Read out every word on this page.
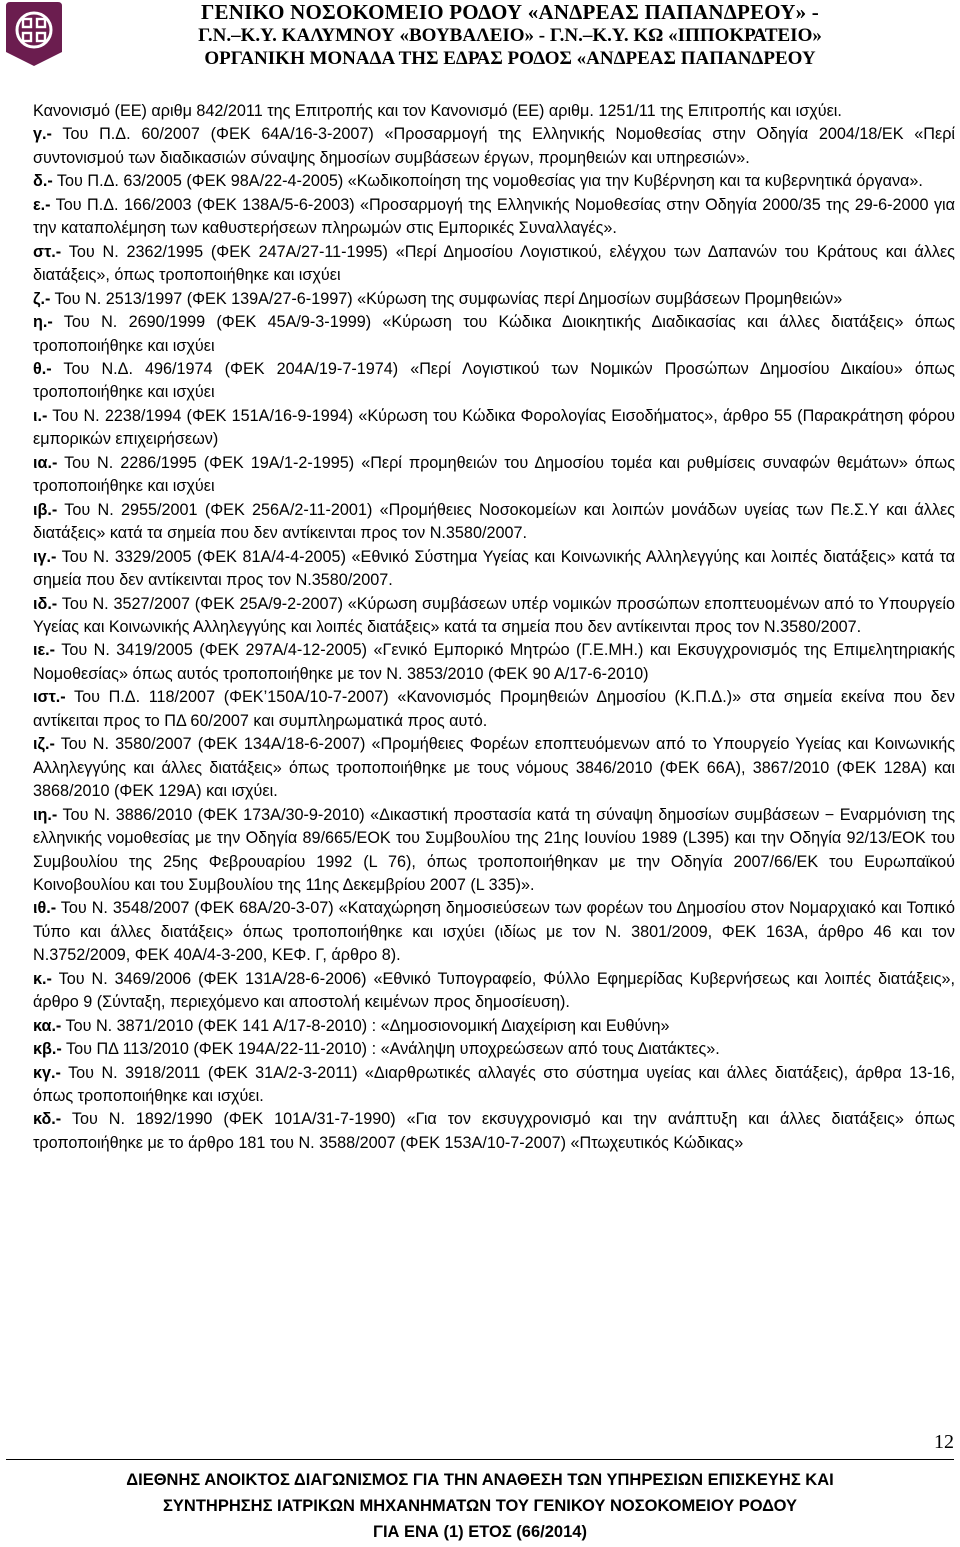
ΓΕΝΙΚΟ ΝΟΣΟΚΟΜΕΙΟ ΡΟΔΟΥ «ΑΝΔΡΕΑΣ ΠΑΠΑΝΔΡΕΟΥ» -
Γ.Ν.–Κ.Υ. ΚΑΛΥΜΝΟΥ «ΒΟΥΒΑΛΕΙΟ» - Γ.Ν.–Κ.Υ. ΚΩ «ΙΠΠΟΚΡΑΤΕΙΟ»
ΟΡΓΑΝΙΚΗ ΜΟΝΑΔΑ ΤΗΣ ΕΔΡΑΣ ΡΟΔΟΣ «ΑΝΔΡΕΑΣ ΠΑΠΑΝΔΡΕΟΥ

Κανονισμό (ΕΕ) αριθμ 842/2011 της Επιτροπής και τον Κανονισμό (ΕΕ) αριθμ. 1251/11 της Επιτροπής και ισχύει.

γ.- Του Π.Δ. 60/2007 (ΦΕΚ 64Α/16-3-2007) «Προσαρμογή της Ελληνικής Νομοθεσίας στην Οδηγία 2004/18/ΕΚ «Περί συντονισμού των διαδικασιών σύναψης δημοσίων συμβάσεων έργων, προμηθειών και υπηρεσιών».

δ.- Του Π.Δ. 63/2005 (ΦΕΚ 98Α/22-4-2005) «Κωδικοποίηση της νομοθεσίας για την Κυβέρνηση και τα κυβερνητικά όργανα».

ε.- Του Π.Δ. 166/2003 (ΦΕΚ 138Α/5-6-2003) «Προσαρμογή της Ελληνικής Νομοθεσίας στην Οδηγία 2000/35 της 29-6-2000 για την καταπολέμηση των καθυστερήσεων πληρωμών στις Εμπορικές Συναλλαγές».

στ.- Του Ν. 2362/1995 (ΦΕΚ 247Α/27-11-1995) «Περί Δημοσίου Λογιστικού, ελέγχου των Δαπανών του Κράτους και άλλες διατάξεις», όπως τροποποιήθηκε και ισχύει

ζ.- Του Ν. 2513/1997 (ΦΕΚ 139Α/27-6-1997) «Κύρωση της συμφωνίας περί Δημοσίων συμβάσεων Προμηθειών»

η.- Του Ν. 2690/1999 (ΦΕΚ 45Α/9-3-1999) «Κύρωση του Κώδικα Διοικητικής Διαδικασίας και άλλες διατάξεις» όπως τροποποιήθηκε και ισχύει

θ.- Του Ν.Δ. 496/1974 (ΦΕΚ 204Α/19-7-1974) «Περί Λογιστικού των Νομικών Προσώπων Δημοσίου Δικαίου» όπως τροποποιήθηκε και ισχύει

ι.- Του Ν. 2238/1994 (ΦΕΚ 151Α/16-9-1994) «Κύρωση του Κώδικα Φορολογίας Εισοδήματος», άρθρο 55 (Παρακράτηση φόρου εμπορικών επιχειρήσεων)

ια.- Του Ν. 2286/1995 (ΦΕΚ 19Α/1-2-1995) «Περί προμηθειών του Δημοσίου τομέα και ρυθμίσεις συναφών θεμάτων» όπως τροποποιήθηκε και ισχύει

ιβ.- Του Ν. 2955/2001 (ΦΕΚ 256Α/2-11-2001) «Προμήθειες Νοσοκομείων και λοιπών μονάδων υγείας των Πε.Σ.Υ και άλλες διατάξεις» κατά τα σημεία που δεν αντίκεινται προς τον Ν.3580/2007.

ιγ.- Του Ν. 3329/2005 (ΦΕΚ 81Α/4-4-2005) «Εθνικό Σύστημα Υγείας και Κοινωνικής Αλληλεγγύης και λοιπές διατάξεις» κατά τα σημεία που δεν αντίκεινται προς τον Ν.3580/2007.

ιδ.- Του Ν. 3527/2007 (ΦΕΚ 25Α/9-2-2007) «Κύρωση συμβάσεων υπέρ νομικών προσώπων εποπτευομένων από το Υπουργείο Υγείας και Κοινωνικής Αλληλεγγύης και λοιπές διατάξεις» κατά τα σημεία που δεν αντίκεινται προς τον Ν.3580/2007.

ιε.- Του Ν. 3419/2005 (ΦΕΚ 297Α/4-12-2005) «Γενικό Εμπορικό Μητρώο (Γ.Ε.ΜΗ.) και Εκσυγχρονισμός της Επιμελητηριακής Νομοθεσίας» όπως αυτός τροποποιήθηκε με τον Ν. 3853/2010 (ΦΕΚ 90 Α/17-6-2010)

ιστ.- Του Π.Δ. 118/2007 (ΦΕΚ’150Α/10-7-2007) «Κανονισμός Προμηθειών Δημοσίου (Κ.Π.Δ.)» στα σημεία εκείνα που δεν αντίκειται προς το ΠΔ 60/2007 και συμπληρωματικά προς αυτό.

ιζ.- Του Ν. 3580/2007 (ΦΕΚ 134Α/18-6-2007) «Προμήθειες Φορέων εποπτευόμενων από το Υπουργείο Υγείας και Κοινωνικής Αλληλεγγύης και άλλες διατάξεις» όπως τροποποιήθηκε με τους νόμους 3846/2010 (ΦΕΚ 66Α), 3867/2010 (ΦΕΚ 128Α) και 3868/2010 (ΦΕΚ 129Α) και ισχύει.

ιη.- Του Ν. 3886/2010 (ΦΕΚ 173Α/30-9-2010) «Δικαστική προστασία κατά τη σύναψη δημοσίων συμβάσεων − Εναρμόνιση της ελληνικής νομοθεσίας με την Οδηγία 89/665/ΕΟΚ του Συμβουλίου της 21ης Ιουνίου 1989 (L395) και την Οδηγία 92/13/ΕΟΚ του Συμβουλίου της 25ης Φεβρουαρίου 1992 (L 76), όπως τροποποιήθηκαν με την Οδηγία 2007/66/ΕΚ του Ευρωπαϊκού Κοινοβουλίου και του Συμβουλίου της 11ης Δεκεμβρίου 2007 (L 335)».

ιθ.- Του Ν. 3548/2007 (ΦΕΚ 68Α/20-3-07) «Καταχώρηση δημοσιεύσεων των φορέων του Δημοσίου στον Νομαρχιακό και Τοπικό Τύπο και άλλες διατάξεις» όπως τροποποιήθηκε και ισχύει (ιδίως με τον Ν. 3801/2009, ΦΕΚ 163Α, άρθρο 46 και τον Ν.3752/2009, ΦΕΚ 40Α/4-3-200, ΚΕΦ. Γ, άρθρο 8).

κ.- Του Ν. 3469/2006 (ΦΕΚ 131Α/28-6-2006) «Εθνικό Τυπογραφείο, Φύλλο Εφημερίδας Κυβερνήσεως και λοιπές διατάξεις», άρθρο 9 (Σύνταξη, περιεχόμενο και αποστολή κειμένων προς δημοσίευση).

κα.- Του Ν. 3871/2010 (ΦΕΚ 141 Α/17-8-2010) : «Δημοσιονομική Διαχείριση και Ευθύνη»

κβ.- Του ΠΔ 113/2010 (ΦΕΚ 194Α/22-11-2010) : «Ανάληψη υποχρεώσεων από τους Διατάκτες».

κγ.- Του Ν. 3918/2011 (ΦΕΚ 31Α/2-3-2011) «Διαρθρωτικές αλλαγές στο σύστημα υγείας και άλλες διατάξεις), άρθρα 13-16, όπως τροποποιήθηκε και ισχύει.

κδ.- Του Ν. 1892/1990 (ΦΕΚ 101Α/31-7-1990) «Για τον εκσυγχρονισμό και την ανάπτυξη και άλλες διατάξεις» όπως τροποποιήθηκε με το άρθρο 181 του Ν. 3588/2007 (ΦΕΚ 153Α/10-7-2007) «Πτωχευτικός Κώδικας»

12
ΔΙΕΘΝΗΣ ΑΝΟΙΚΤΟΣ ΔΙΑΓΩΝΙΣΜΟΣ ΓΙΑ ΤΗΝ ΑΝΑΘΕΣΗ ΤΩΝ ΥΠΗΡΕΣΙΩΝ ΕΠΙΣΚΕΥΗΣ ΚΑΙ
ΣΥΝΤΗΡΗΣΗΣ ΙΑΤΡΙΚΩΝ ΜΗΧΑΝΗΜΑΤΩΝ ΤΟΥ ΓΕΝΙΚΟΥ ΝΟΣΟΚΟΜΕΙΟΥ ΡΟΔΟΥ
ΓΙΑ ΕΝΑ (1) ΕΤΟΣ (66/2014)
